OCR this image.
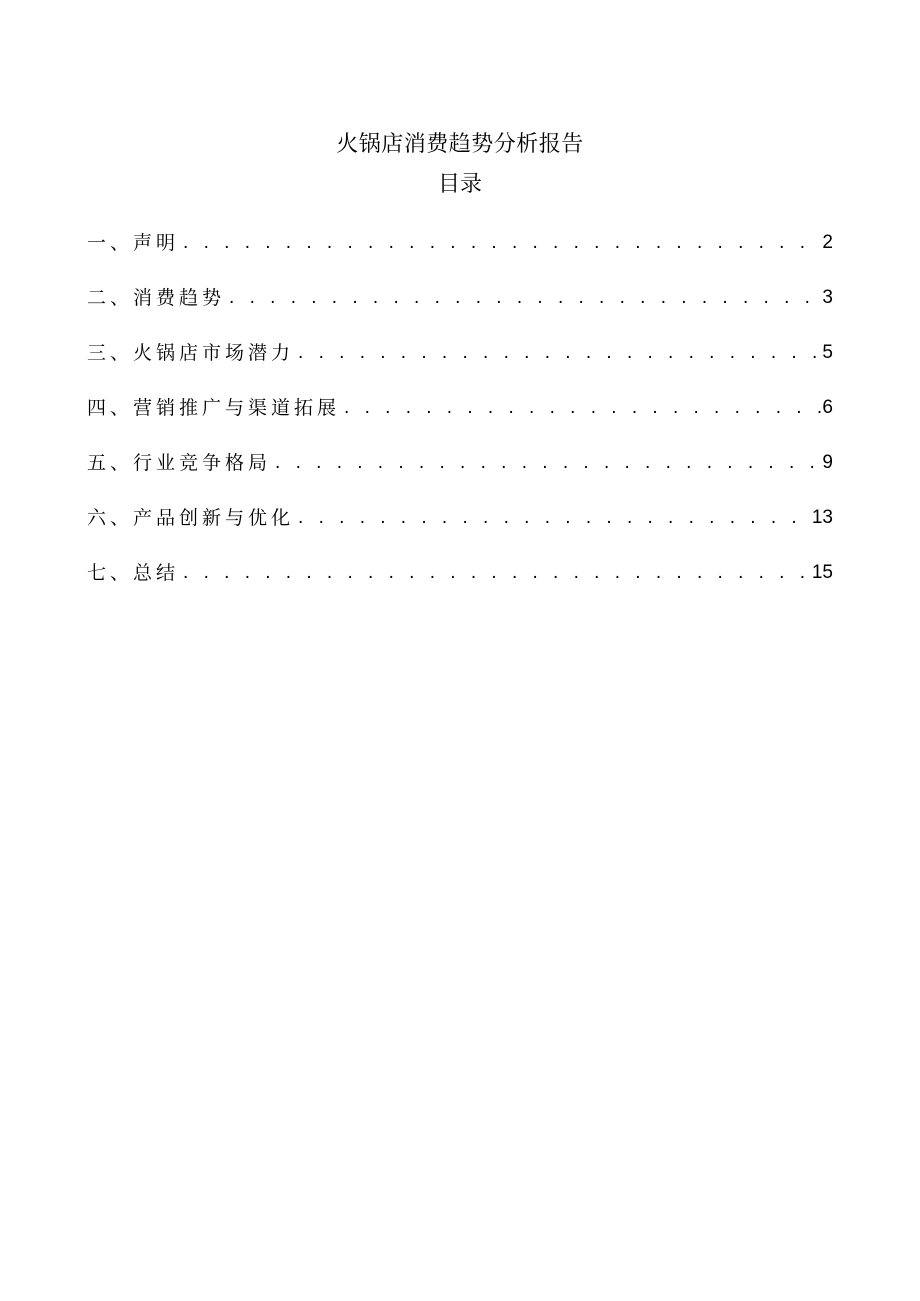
火锅店消费趋势分析报告
目录
一、声明 . . .	2
二、消费趋势 . . .	3
三、火锅店市场潜力 . . .	5
四、营销推广与渠道拓展 . . .	6
五、行业竞争格局 . . .	9
六、产品创新与优化 . . .	13
七、总结 . . .	15
